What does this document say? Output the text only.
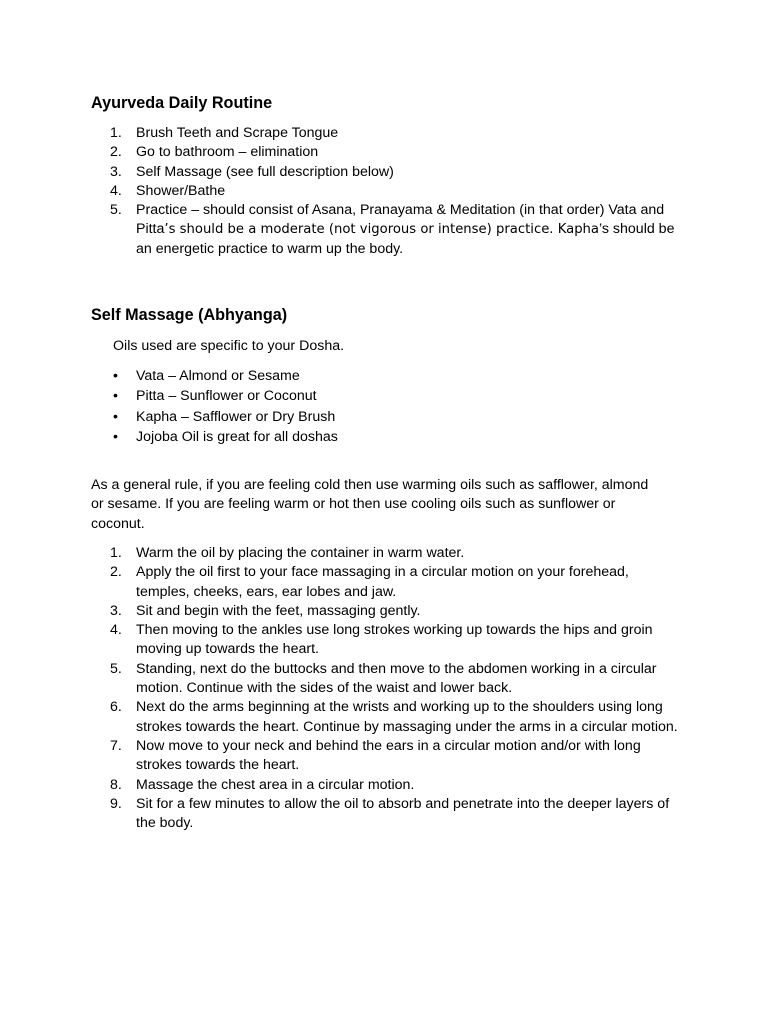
Ayurveda Daily Routine
1. Brush Teeth and Scrape Tongue
2. Go to bathroom – elimination
3. Self Massage (see full description below)
4. Shower/Bathe
5. Practice – should consist of Asana, Pranayama & Meditation (in that order) Vata and Pitta’s should be a moderate (not vigorous or intense) practice. Kapha’s should be an energetic practice to warm up the body.
Self Massage (Abhyanga)

Oils used are specific to your Dosha.

• Vata – Almond or Sesame
• Pitta – Sunflower or Coconut
• Kapha – Safflower or Dry Brush
• Jojoba Oil is great for all doshas

As a general rule, if you are feeling cold then use warming oils such as safflower, almond or sesame. If you are feeling warm or hot then use cooling oils such as sunflower or coconut.

1. Warm the oil by placing the container in warm water.
2. Apply the oil first to your face massaging in a circular motion on your forehead, temples, cheeks, ears, ear lobes and jaw.
3. Sit and begin with the feet, massaging gently.
4. Then moving to the ankles use long strokes working up towards the hips and groin moving up towards the heart.
5. Standing, next do the buttocks and then move to the abdomen working in a circular motion. Continue with the sides of the waist and lower back.
6. Next do the arms beginning at the wrists and working up to the shoulders using long strokes towards the heart. Continue by massaging under the arms in a circular motion.
7. Now move to your neck and behind the ears in a circular motion and/or with long strokes towards the heart.
8. Massage the chest area in a circular motion.
9. Sit for a few minutes to allow the oil to absorb and penetrate into the deeper layers of the body.
